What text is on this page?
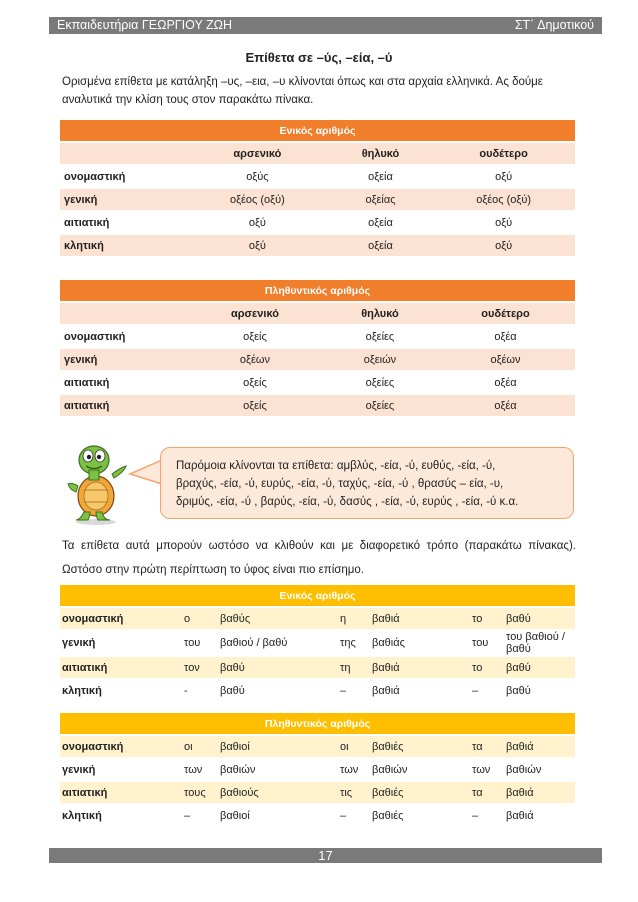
Εκπαιδευτήρια ΓΕΩΡΓΙΟΥ ΖΩΗ	ΣΤ΄ Δημοτικού
Επίθετα σε –ύς, –εία, –ύ
Ορισμένα επίθετα με κατάληξη –υς, –εια, –υ κλίνονται όπως και στα αρχαία ελληνικά. Ας δούμε
αναλυτικά την κλίση τους στον παρακάτω πίνακα.
Ενικός αριθμός			
	αρσενικό	θηλυκό	ουδέτερο
ονομαστική	οξύς	οξεία	οξύ
γενική	οξέος (οξύ)	οξείας	οξέος (οξύ)
αιτιατική	οξύ	οξεία	οξύ
κλητική	οξύ	οξεία	οξύ
Πληθυντικός αριθμός			
	αρσενικό	θηλυκό	ουδέτερο
ονομαστική	οξείς	οξείες	οξέα
γενική	οξέων	οξειών	οξέων
αιτιατική	οξείς	οξείες	οξέα
αιτιατική	οξείς	οξείες	οξέα
Παρόμοια κλίνονται τα επίθετα: αμβλύς, -εία, -ύ, ευθύς, -εία, -ύ,
βραχύς, -εία, -ύ, ευρύς, -εία, -ύ, ταχύς, -εία, -ύ , θρασύς – εία, -υ,
δριμύς, -εία, -ύ , βαρύς, -εία, -ύ, δασύς , -εία, -ύ, ευρύς , -εία, -ύ κ.α.
Τα επίθετα αυτά μπορούν ωστόσο να κλιθούν και με διαφορετικό τρόπο (παρακάτω πίνακας).
Ωστόσο στην πρώτη περίπτωση το ύφος είναι πιο επίσημο.
Ενικός αριθμός						
ονομαστική	ο	βαθύς	η	βαθιά	το	βαθύ
γενική	του	βαθιού / βαθύ	της	βαθιάς	του	του βαθιού / βαθύ
αιτιατική	τον	βαθύ	τη	βαθιά	το	βαθύ
κλητική	-	βαθύ	–	βαθιά	–	βαθύ
Πληθυντικός αριθμός						
ονομαστική	οι	βαθιοί	οι	βαθιές	τα	βαθιά
γενική	των	βαθιών	των	βαθιών	των	βαθιών
αιτιατική	τους	βαθιούς	τις	βαθιές	τα	βαθιά
κλητική	–	βαθιοί	–	βαθιές	–	βαθιά
17
